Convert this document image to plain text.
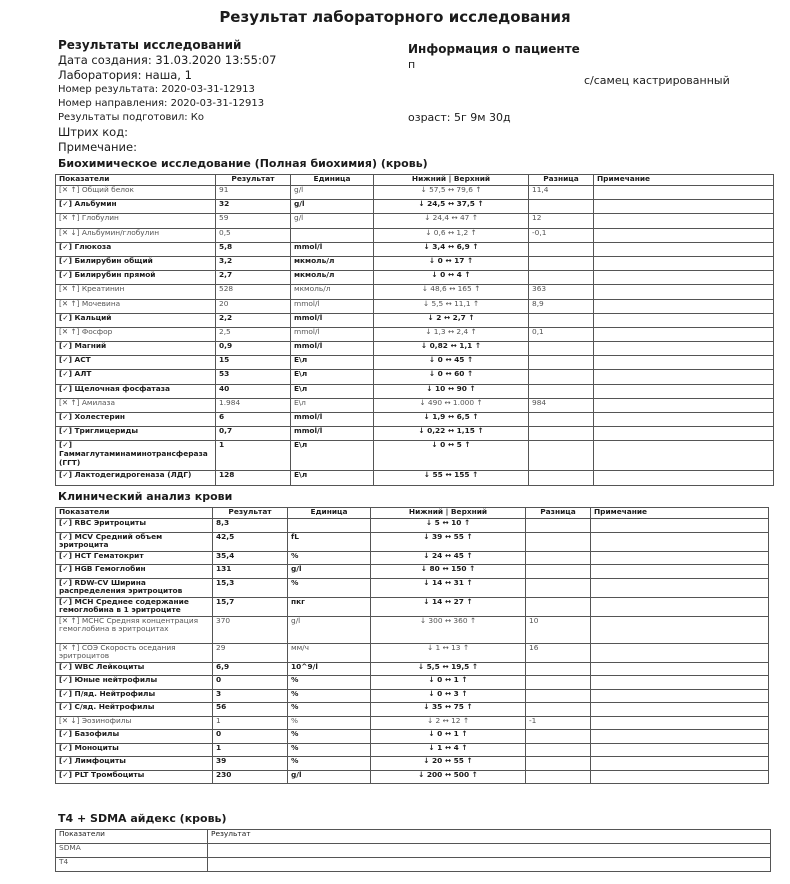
Результат лабораторного исследования
Результаты исследований
Дата создания: 31.03.2020 13:55:07
Лаборатория: наша, 1
Номер результата: 2020-03-31-12913
Номер направления: 2020-03-31-12913
Результаты подготовил: Ко
Штрих код:
Примечание:
Информация о пациенте
п
с/самец кастрированный
озраст: 5г 9м 30д
Биохимическое исследование (Полная биохимия) (кровь)
Показатели	Результат	Единица	Нижний | Верхний	Разница	Примечание
[✕ ↑] Общий белок	91	g/l	↓ 57,5 ↔ 79,6 ↑	11,4	
[✓] Альбумин	32	g/l	↓ 24,5 ↔ 37,5 ↑		
[✕ ↑] Глобулин	59	g/l	↓ 24,4 ↔ 47 ↑	12	
[✕ ↓] Альбумин/глобулин	0,5		↓ 0,6 ↔ 1,2 ↑	-0,1	
[✓] Глюкоза	5,8	mmol/l	↓ 3,4 ↔ 6,9 ↑		
[✓] Билирубин общий	3,2	мкмоль/л	↓ 0 ↔ 17 ↑		
[✓] Билирубин прямой	2,7	мкмоль/л	↓ 0 ↔ 4 ↑		
[✕ ↑] Креатинин	528	мкмоль/л	↓ 48,6 ↔ 165 ↑	363	
[✕ ↑] Мочевина	20	mmol/l	↓ 5,5 ↔ 11,1 ↑	8,9	
[✓] Кальций	2,2	mmol/l	↓ 2 ↔ 2,7 ↑		
[✕ ↑] Фосфор	2,5	mmol/l	↓ 1,3 ↔ 2,4 ↑	0,1	
[✓] Магний	0,9	mmol/l	↓ 0,82 ↔ 1,1 ↑		
[✓] АСТ	15	E\л	↓ 0 ↔ 45 ↑		
[✓] АЛТ	53	E\л	↓ 0 ↔ 60 ↑		
[✓] Щелочная фосфатаза	40	E\л	↓ 10 ↔ 90 ↑		
[✕ ↑] Амилаза	1.984	E\л	↓ 490 ↔ 1.000 ↑	984	
[✓] Холестерин	6	mmol/l	↓ 1,9 ↔ 6,5 ↑		
[✓] Триглицериды	0,7	mmol/l	↓ 0,22 ↔ 1,15 ↑		
[✓] Гаммаглутаминаминотрансфераза (ГГТ)	1	E\л	↓ 0 ↔ 5 ↑		
[✓] Лактодегидрогеназа (ЛДГ)	128	E\л	↓ 55 ↔ 155 ↑		
Клинический анализ крови
Показатели	Результат	Единица	Нижний | Верхний	Разница	Примечание
[✓] RBC Эритроциты	8,3		↓ 5 ↔ 10 ↑		
[✓] MCV Средний объем эритроцита	42,5	fL	↓ 39 ↔ 55 ↑		
[✓] HCT Гематокрит	35,4	%	↓ 24 ↔ 45 ↑		
[✓] HGB Гемоглобин	131	g/l	↓ 80 ↔ 150 ↑		
[✓] RDW-CV Ширина распределения эритроцитов	15,3	%	↓ 14 ↔ 31 ↑		
[✓] MCH Среднее содержание гемоглобина в 1 эритроците	15,7	пкг	↓ 14 ↔ 27 ↑		
[✕ ↑] MCHC Средняя концентрация гемоглобина в эритроцитах	370	g/l	↓ 300 ↔ 360 ↑	10	
[✕ ↑] СОЭ Скорость оседания эритроцитов	29	мм/ч	↓ 1 ↔ 13 ↑	16	
[✓] WBC Лейкоциты	6,9	10^9/l	↓ 5,5 ↔ 19,5 ↑		
[✓] Юные нейтрофилы	0	%	↓ 0 ↔ 1 ↑		
[✓] П/яд. Нейтрофилы	3	%	↓ 0 ↔ 3 ↑		
[✓] С/яд. Нейтрофилы	56	%	↓ 35 ↔ 75 ↑		
[✕ ↓] Эозинофилы	1	%	↓ 2 ↔ 12 ↑	-1	
[✓] Базофилы	0	%	↓ 0 ↔ 1 ↑		
[✓] Моноциты	1	%	↓ 1 ↔ 4 ↑		
[✓] Лимфоциты	39	%	↓ 20 ↔ 55 ↑		
[✓] PLT Тромбоциты	230	g/l	↓ 200 ↔ 500 ↑		
T4 + SDMA айдекс (кровь)
Показатели	Результат
SDMA	
T4	
